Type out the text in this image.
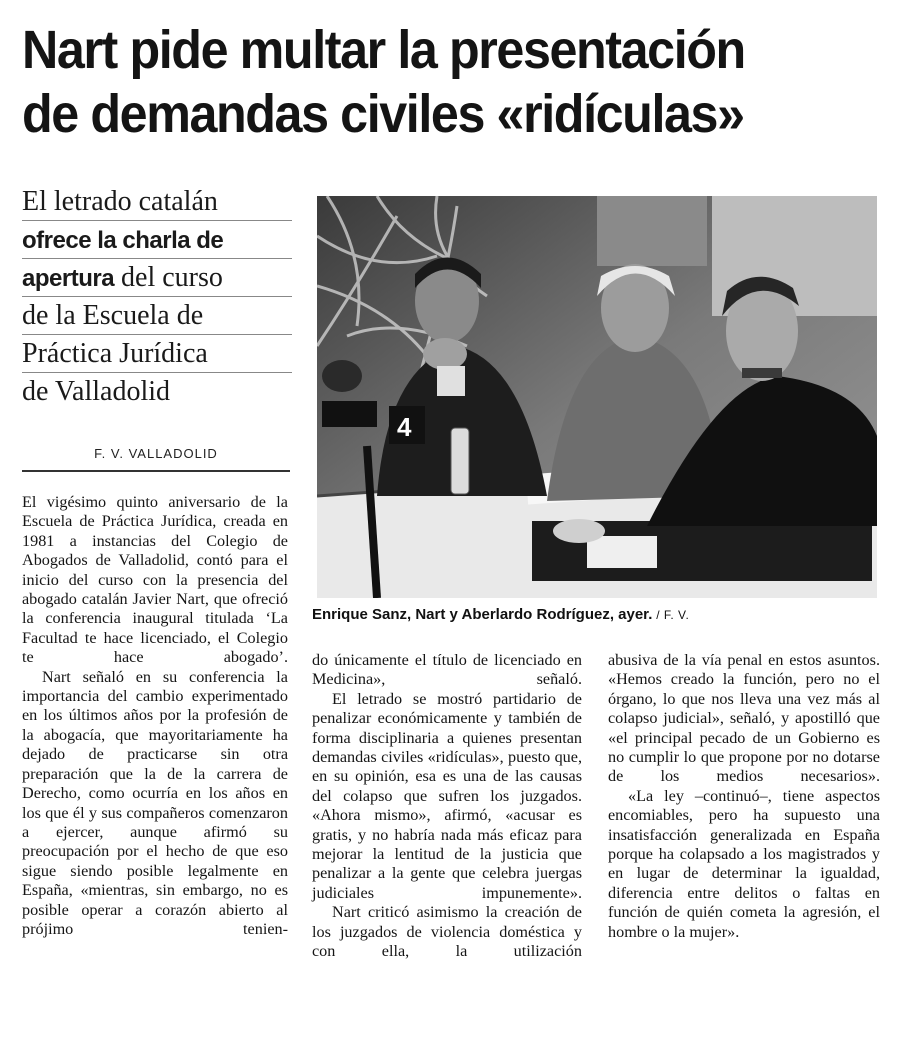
Nart pide multar la presentación
de demandas civiles «ridículas»
El letrado catalán
ofrece la charla de
apertura del curso
de la Escuela de
Práctica Jurídica
de Valladolid
F. V. VALLADOLID
4
Enrique Sanz, Nart y Aberlardo Rodríguez, ayer. / F. V.

El vigésimo quinto aniversario de la Escuela de Práctica Jurídica, creada en 1981 a instancias del Colegio de Abogados de Valladolid, contó para el inicio del curso con la presencia del abogado catalán Javier Nart, que ofreció la conferencia inaugural titulada ‘La Facultad te hace licenciado, el Colegio te hace abogado’.

Nart señaló en su conferencia la importancia del cambio experimentado en los últimos años por la profesión de la abogacía, que mayoritariamente ha dejado de practicarse sin otra preparación que la de la carrera de Derecho, como ocurría en los años en los que él y sus compañeros comenzaron a ejercer, aunque afirmó su preocupación por el hecho de que eso sigue siendo posible legalmente en España, «mientras, sin embargo, no es posible operar a corazón abierto al prójimo tenien-

do únicamente el título de licenciado en Medicina», señaló.

El letrado se mostró partidario de penalizar económicamente y también de forma disciplinaria a quienes presentan demandas civiles «ridículas», puesto que, en su opinión, esa es una de las causas del colapso que sufren los juzgados. «Ahora mismo», afirmó, «acusar es gratis, y no habría nada más eficaz para mejorar la lentitud de la justicia que penalizar a la gente que celebra juergas judiciales impunemente».

Nart criticó asimismo la creación de los juzgados de violencia doméstica y con ella, la utilización

abusiva de la vía penal en estos asuntos. «Hemos creado la función, pero no el órgano, lo que nos lleva una vez más al colapso judicial», señaló, y apostilló que «el principal pecado de un Gobierno es no cumplir lo que propone por no dotarse de los medios necesarios».

«La ley –continuó–, tiene aspectos encomiables, pero ha supuesto una insatisfacción generalizada en España porque ha colapsado a los magistrados y en lugar de determinar la igualdad, diferencia entre delitos o faltas en función de quién cometa la agresión, el hombre o la mujer».
